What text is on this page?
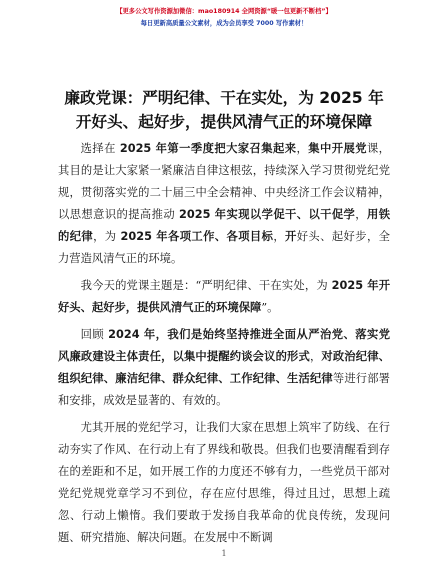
【更多公文写作资源加微信：mao180914 全网资源“暖一包更新不断档”】
每日更新高质量公文素材，成为会员享受 7000 写作素材！
廉政党课：严明纪律、干在实处，为 2025 年开好头、起好步，提供风清气正的环境保障

选择在 2025 年第一季度把大家召集起来，集中开展党课，其目的是让大家紧一紧廉洁自律这根弦，持续深入学习贯彻党纪党规，贯彻落实党的二十届三中全会精神、中央经济工作会议精神，以思想意识的提高推动 2025 年实现以学促干、以干促学，用铁的纪律，为 2025 年各项工作、各项目标，开好头、起好步，全力营造风清气正的环境。

我今天的党课主题是：“严明纪律、干在实处，为 2025 年开好头、起好步，提供风清气正的环境保障”。

回顾 2024 年，我们是始终坚持推进全面从严治党、落实党风廉政建设主体责任，以集中提醒约谈会议的形式，对政治纪律、组织纪律、廉洁纪律、群众纪律、工作纪律、生活纪律等进行部署和安排，成效是显著的、有效的。

尤其开展的党纪学习，让我们大家在思想上筑牢了防线、在行动夯实了作风、在行动上有了界线和敬畏。但我们也要清醒看到存在的差距和不足，如开展工作的力度还不够有力，一些党员干部对党纪党规党章学习不到位，存在应付思维，得过且过，思想上疏忽、行动上懒惰。我们要敢于发扬自我革命的优良传统，发现问题、研究措施、解决问题。在发展中不断调

1
